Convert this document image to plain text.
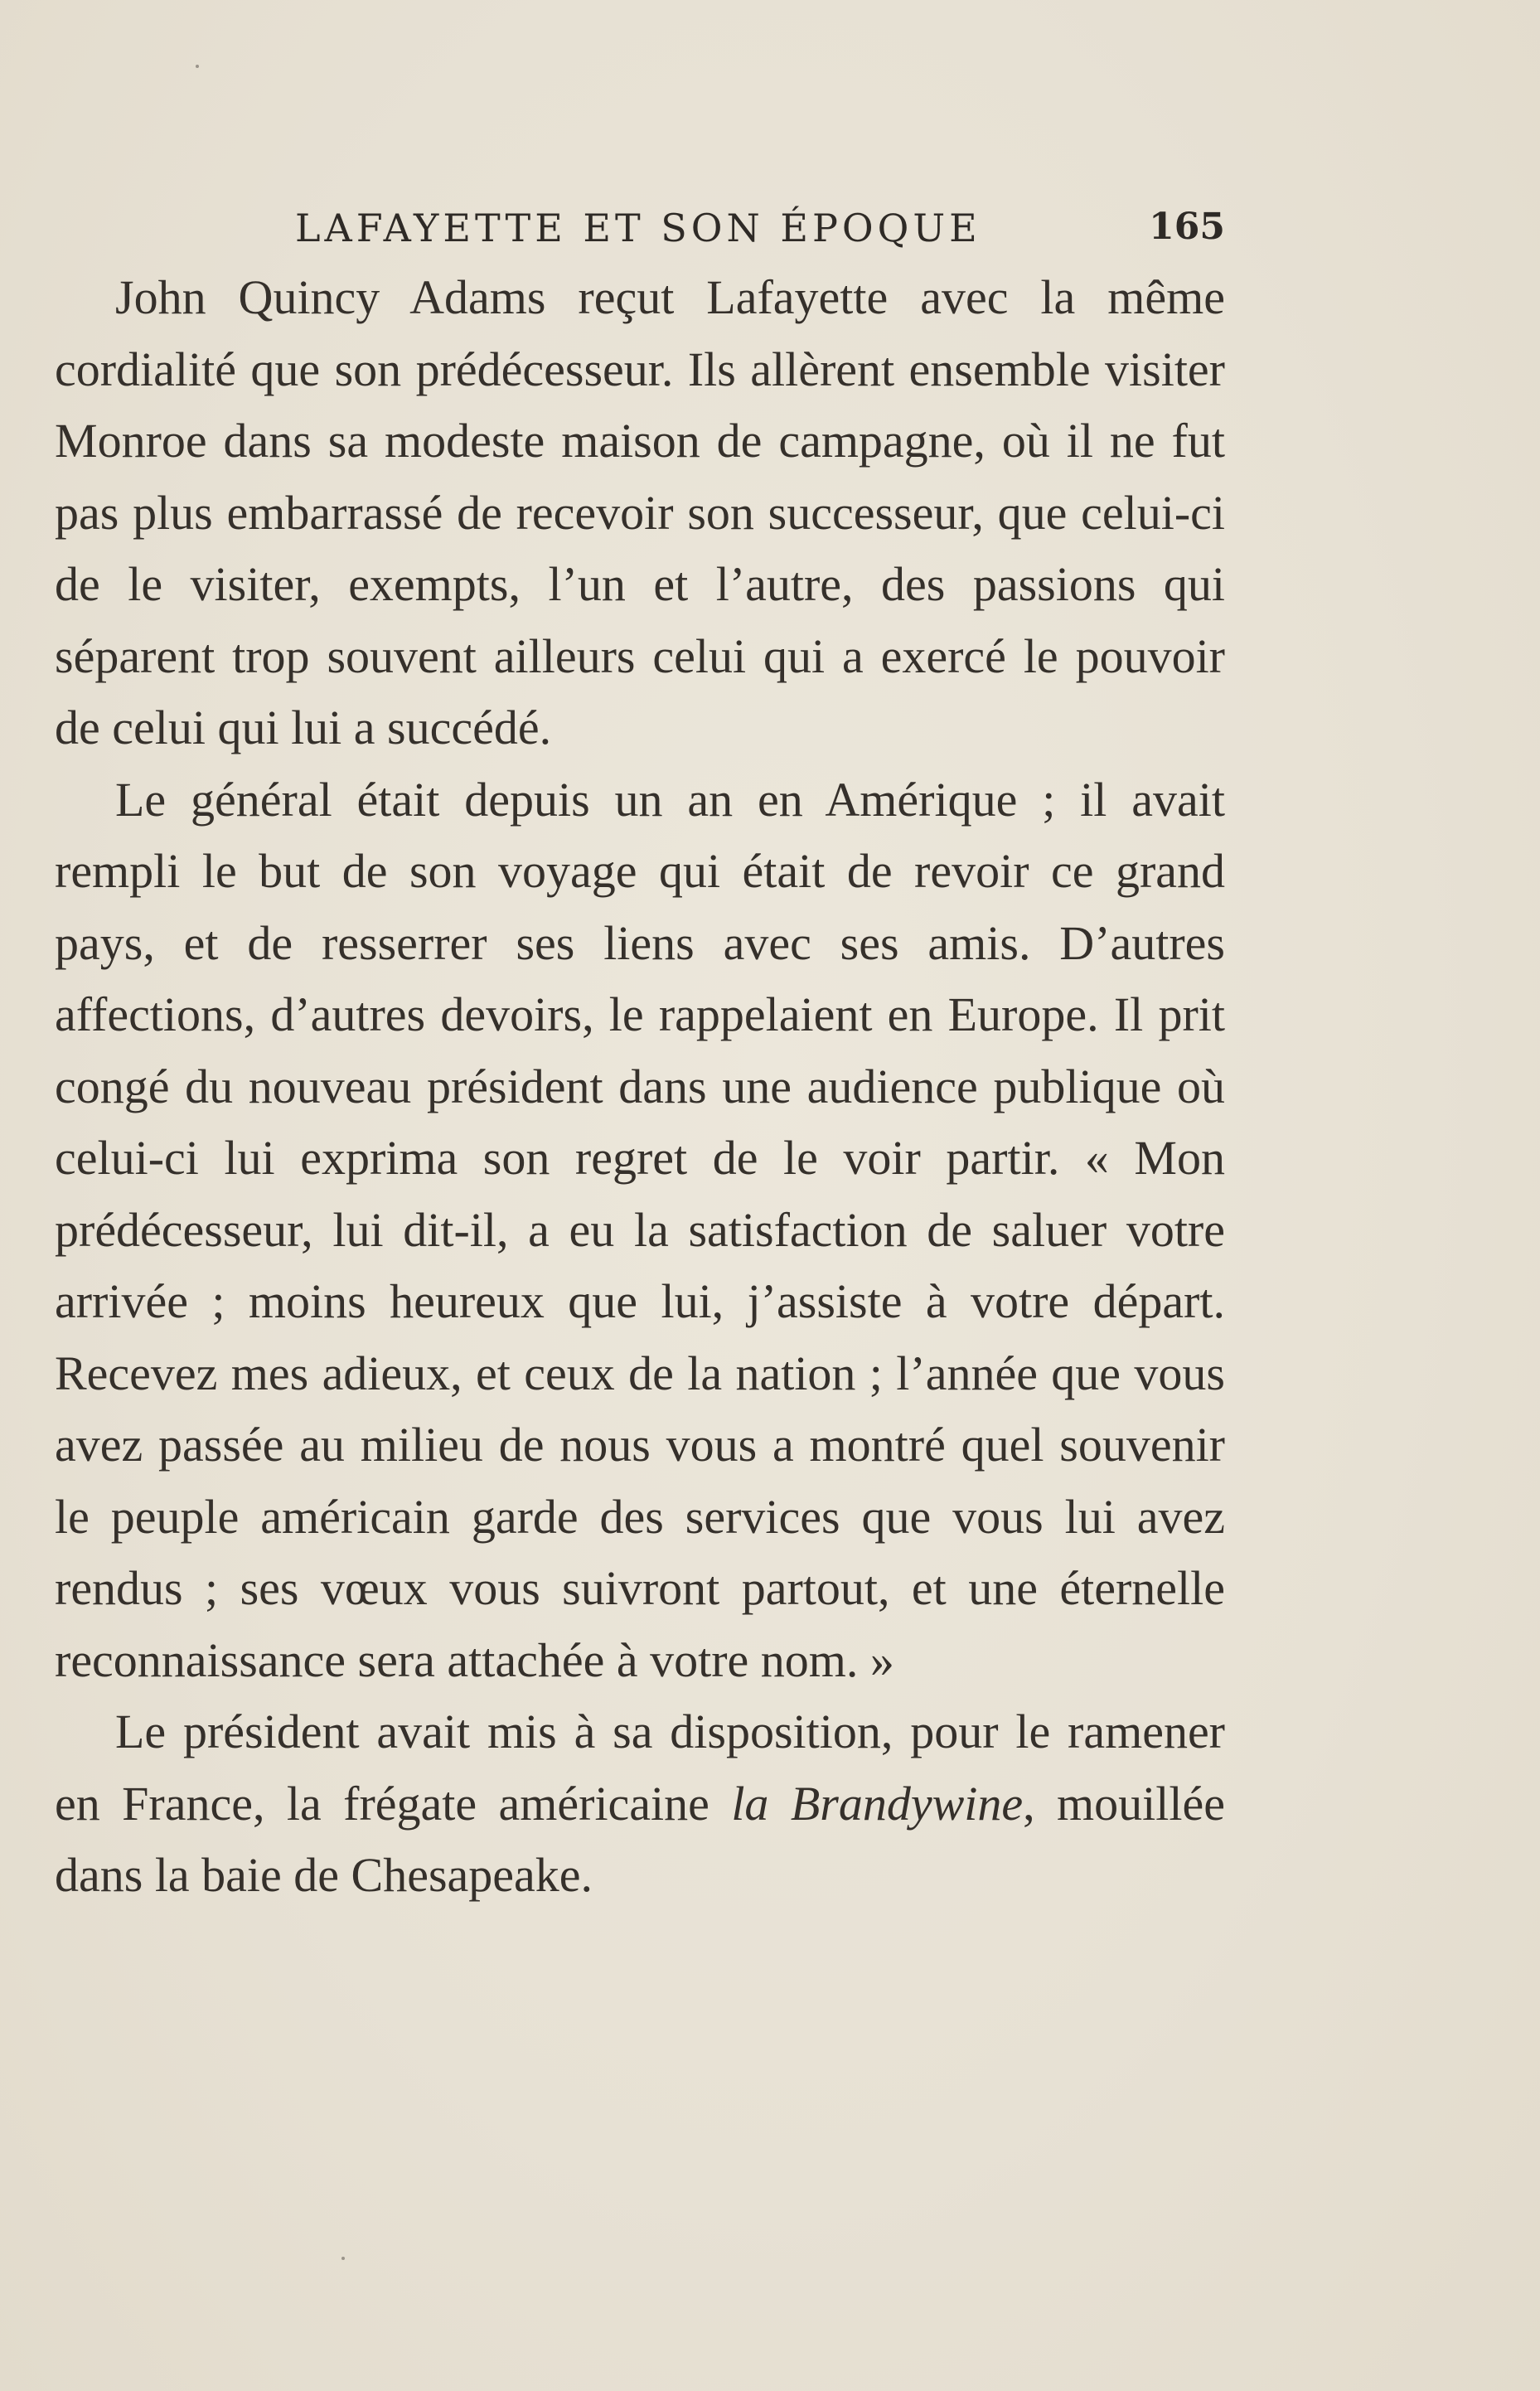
LAFAYETTE ET SON ÉPOQUE	165

John Quincy Adams reçut Lafayette avec la même cordialité que son prédécesseur. Ils allèrent ensemble visiter Monroe dans sa modeste maison de campagne, où il ne fut pas plus embarrassé de recevoir son successeur, que celui-ci de le visiter, exempts, l’un et l’autre, des passions qui séparent trop souvent ailleurs celui qui a exercé le pouvoir de celui qui lui a succédé.

Le général était depuis un an en Amérique ; il avait rempli le but de son voyage qui était de revoir ce grand pays, et de resserrer ses liens avec ses amis. D’autres affections, d’autres devoirs, le rappelaient en Europe. Il prit congé du nouveau président dans une audience publique où celui-ci lui exprima son regret de le voir partir. « Mon prédécesseur, lui dit-il, a eu la satisfaction de saluer votre arrivée ; moins heureux que lui, j’assiste à votre départ. Recevez mes adieux, et ceux de la nation ; l’année que vous avez passée au milieu de nous vous a montré quel souvenir le peuple américain garde des services que vous lui avez rendus ; ses vœux vous suivront partout, et une éternelle reconnaissance sera attachée à votre nom. »

Le président avait mis à sa disposition, pour le ramener en France, la frégate américaine la Brandywine, mouillée dans la baie de Chesapeake.
